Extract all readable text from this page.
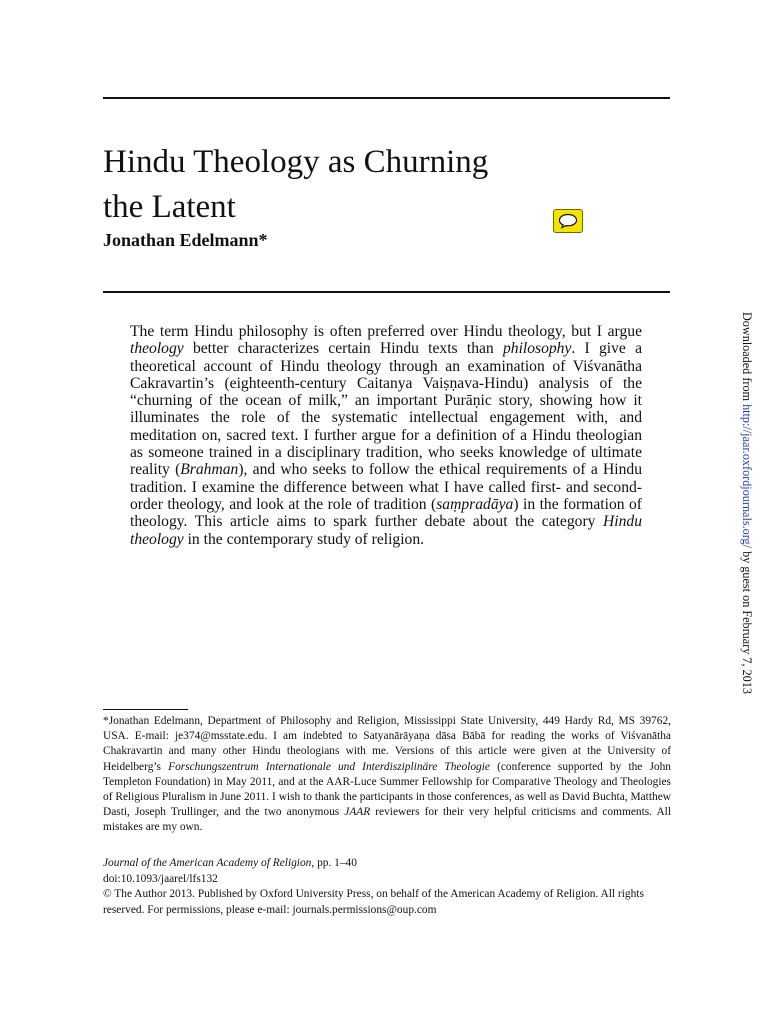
Hindu Theology as Churning
the Latent
Jonathan Edelmann*
The term Hindu philosophy is often preferred over Hindu theology, but I argue theology better characterizes certain Hindu texts than philosophy. I give a theoretical account of Hindu theology through an examination of Viśvanātha Cakravartin’s (eighteenth-century Caitanya Vaiṣṇava-Hindu) analysis of the “churning of the ocean of milk,” an important Purāṇic story, showing how it illuminates the role of the systematic intellectual engagement with, and meditation on, sacred text. I further argue for a definition of a Hindu theologian as someone trained in a disciplinary tradition, who seeks knowledge of ultimate reality (Brahman), and who seeks to follow the ethical requirements of a Hindu tradition. I examine the difference between what I have called first- and second-order theology, and look at the role of tradition (saṃpradāya) in the formation of theology. This article aims to spark further debate about the category Hindu theology in the contemporary study of religion.
*Jonathan Edelmann, Department of Philosophy and Religion, Mississippi State University, 449 Hardy Rd, MS 39762, USA. E-mail: je374@msstate.edu. I am indebted to Satyanārāyaṇa dāsa Bābā for reading the works of Viśvanātha Chakravartin and many other Hindu theologians with me. Versions of this article were given at the University of Heidelberg’s Forschungszentrum Internationale und Interdisziplinäre Theologie (conference supported by the John Templeton Foundation) in May 2011, and at the AAR-Luce Summer Fellowship for Comparative Theology and Theologies of Religious Pluralism in June 2011. I wish to thank the participants in those conferences, as well as David Buchta, Matthew Dasti, Joseph Trullinger, and the two anonymous JAAR reviewers for their very helpful criticisms and comments. All mistakes are my own.
Journal of the American Academy of Religion, pp. 1–40
doi:10.1093/jaarel/lfs132
© The Author 2013. Published by Oxford University Press, on behalf of the American Academy of Religion. All rights reserved. For permissions, please e-mail: journals.permissions@oup.com
Downloaded from http://jaar.oxfordjournals.org/ by guest on February 7, 2013
